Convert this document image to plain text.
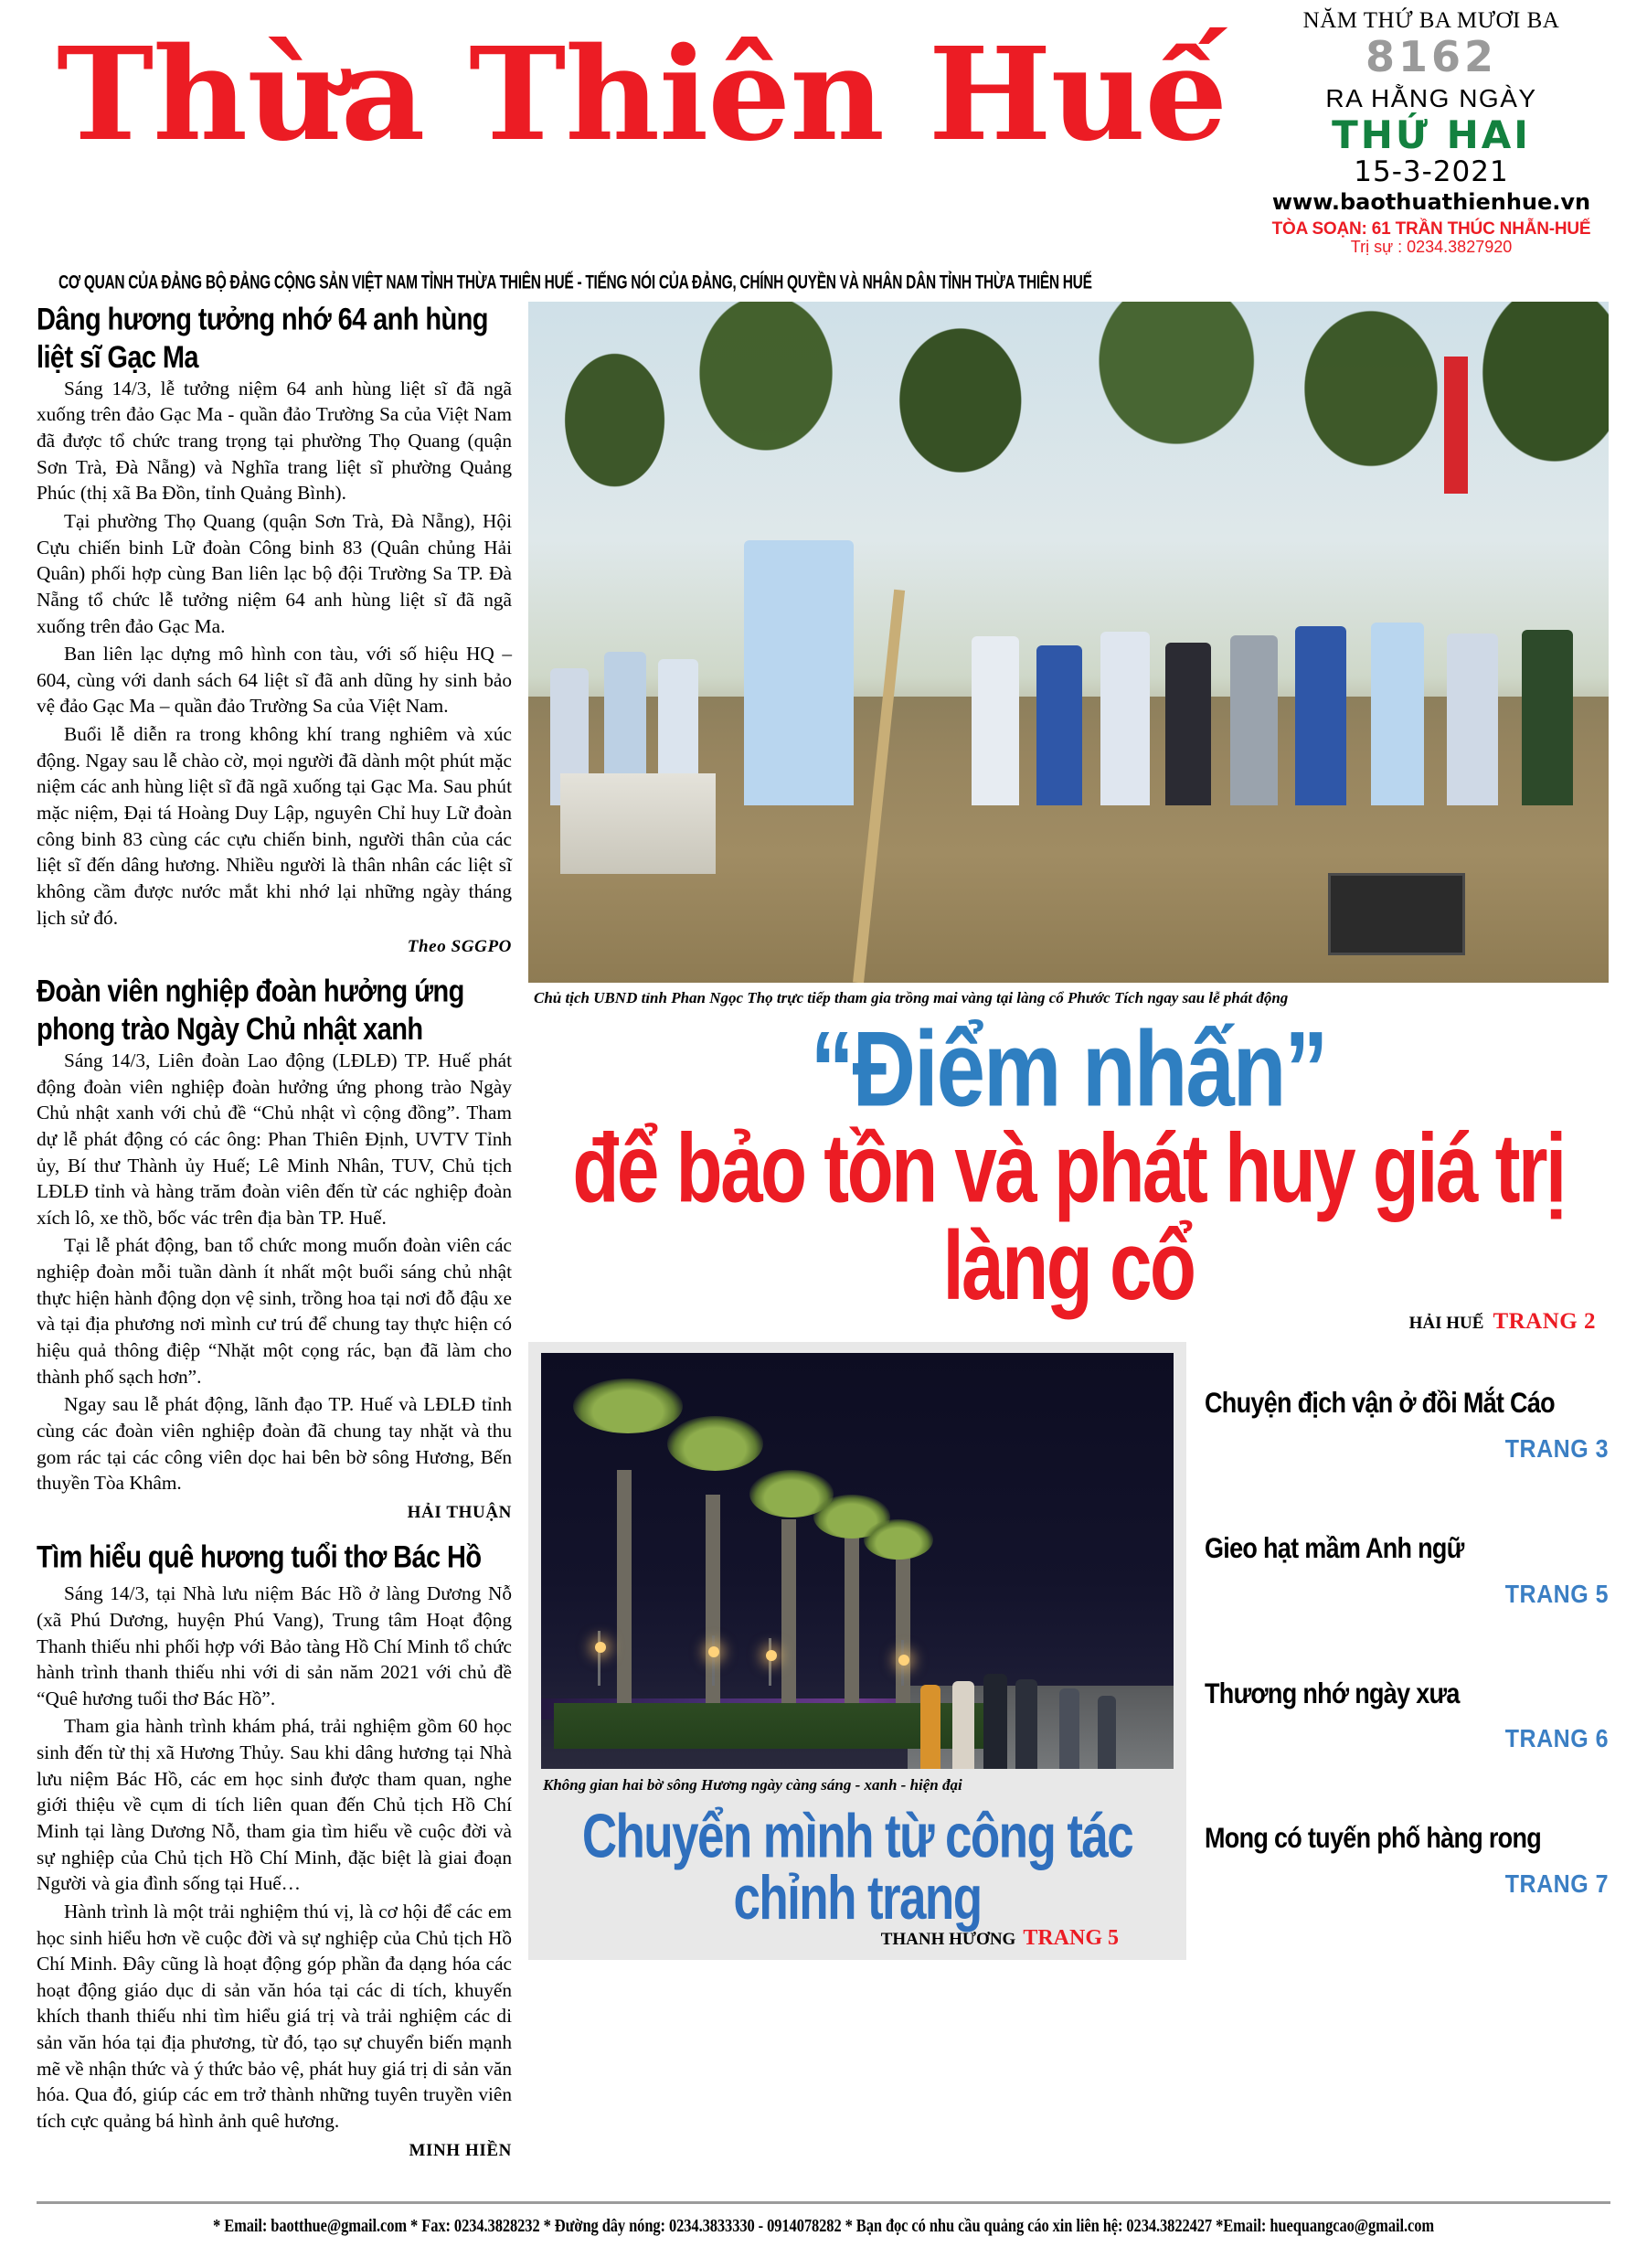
Thừa Thiên Huế	NĂM THỨ BA MƯƠI BA
8162
RA HẰNG NGÀY
THỨ HAI
15-3-2021
www.baothuathienhue.vn
TÒA SOẠN: 61 TRẦN THÚC NHẪN-HUẾ
Trị sự : 0234.3827920
CƠ QUAN CỦA ĐẢNG BỘ ĐẢNG CỘNG SẢN VIỆT NAM TỈNH THỪA THIÊN HUẾ - TIẾNG NÓI CỦA ĐẢNG, CHÍNH QUYỀN VÀ NHÂN DÂN TỈNH THỪA THIÊN HUẾ
Dâng hương tưởng nhớ 64 anh hùng liệt sĩ Gạc Ma

Sáng 14/3, lễ tưởng niệm 64 anh hùng liệt sĩ đã ngã xuống trên đảo Gạc Ma - quần đảo Trường Sa của Việt Nam đã được tổ chức trang trọng tại phường Thọ Quang (quận Sơn Trà, Đà Nẵng) và Nghĩa trang liệt sĩ phường Quảng Phúc (thị xã Ba Đồn, tỉnh Quảng Bình).

Tại phường Thọ Quang (quận Sơn Trà, Đà Nẵng), Hội Cựu chiến binh Lữ đoàn Công binh 83 (Quân chủng Hải Quân) phối hợp cùng Ban liên lạc bộ đội Trường Sa TP. Đà Nẵng tổ chức lễ tưởng niệm 64 anh hùng liệt sĩ đã ngã xuống trên đảo Gạc Ma.

Ban liên lạc dựng mô hình con tàu, với số hiệu HQ – 604, cùng với danh sách 64 liệt sĩ đã anh dũng hy sinh bảo vệ đảo Gạc Ma – quần đảo Trường Sa của Việt Nam.

Buổi lễ diễn ra trong không khí trang nghiêm và xúc động. Ngay sau lễ chào cờ, mọi người đã dành một phút mặc niệm các anh hùng liệt sĩ đã ngã xuống tại Gạc Ma. Sau phút mặc niệm, Đại tá Hoàng Duy Lập, nguyên Chỉ huy Lữ đoàn công binh 83 cùng các cựu chiến binh, người thân của các liệt sĩ đến dâng hương. Nhiều người là thân nhân các liệt sĩ không cầm được nước mắt khi nhớ lại những ngày tháng lịch sử đó.

Theo SGGPO
Đoàn viên nghiệp đoàn hưởng ứng phong trào Ngày Chủ nhật xanh

Sáng 14/3, Liên đoàn Lao động (LĐLĐ) TP. Huế phát động đoàn viên nghiệp đoàn hưởng ứng phong trào Ngày Chủ nhật xanh với chủ đề “Chủ nhật vì cộng đồng”. Tham dự lễ phát động có các ông: Phan Thiên Định, UVTV Tỉnh ủy, Bí thư Thành ủy Huế; Lê Minh Nhân, TUV, Chủ tịch LĐLĐ tỉnh và hàng trăm đoàn viên đến từ các nghiệp đoàn xích lô, xe thồ, bốc vác trên địa bàn TP. Huế.

Tại lễ phát động, ban tổ chức mong muốn đoàn viên các nghiệp đoàn mỗi tuần dành ít nhất một buổi sáng chủ nhật thực hiện hành động dọn vệ sinh, trồng hoa tại nơi đỗ đậu xe và tại địa phương nơi mình cư trú để chung tay thực hiện có hiệu quả thông điệp “Nhặt một cọng rác, bạn đã làm cho thành phố sạch hơn”.

Ngay sau lễ phát động, lãnh đạo TP. Huế và LĐLĐ tỉnh cùng các đoàn viên nghiệp đoàn đã chung tay nhặt và thu gom rác tại các công viên dọc hai bên bờ sông Hương, Bến thuyền Tòa Khâm.

HẢI THUẬN
Tìm hiểu quê hương tuổi thơ Bác Hồ

Sáng 14/3, tại Nhà lưu niệm Bác Hồ ở làng Dương Nỗ (xã Phú Dương, huyện Phú Vang), Trung tâm Hoạt động Thanh thiếu nhi phối hợp với Bảo tàng Hồ Chí Minh tổ chức hành trình thanh thiếu nhi với di sản năm 2021 với chủ đề “Quê hương tuổi thơ Bác Hồ”.

Tham gia hành trình khám phá, trải nghiệm gồm 60 học sinh đến từ thị xã Hương Thủy. Sau khi dâng hương tại Nhà lưu niệm Bác Hồ, các em học sinh được tham quan, nghe giới thiệu về cụm di tích liên quan đến Chủ tịch Hồ Chí Minh tại làng Dương Nỗ, tham gia tìm hiểu về cuộc đời và sự nghiệp của Chủ tịch Hồ Chí Minh, đặc biệt là giai đoạn Người và gia đình sống tại Huế…

Hành trình là một trải nghiệm thú vị, là cơ hội để các em học sinh hiểu hơn về cuộc đời và sự nghiệp của Chủ tịch Hồ Chí Minh. Đây cũng là hoạt động góp phần đa dạng hóa các hoạt động giáo dục di sản văn hóa tại các di tích, khuyến khích thanh thiếu nhi tìm hiểu giá trị và trải nghiệm các di sản văn hóa tại địa phương, từ đó, tạo sự chuyển biến mạnh mẽ về nhận thức và ý thức bảo vệ, phát huy giá trị di sản văn hóa. Qua đó, giúp các em trở thành những tuyên truyền viên tích cực quảng bá hình ảnh quê hương.

MINH HIỀN
Chủ tịch UBND tỉnh Phan Ngọc Thọ trực tiếp tham gia trồng mai vàng tại làng cổ Phước Tích ngay sau lễ phát động
“Điểm nhấn”
để bảo tồn và phát huy giá trị làng cổ
HẢI HUẾ TRANG 2
Không gian hai bờ sông Hương ngày càng sáng - xanh - hiện đại
Chuyển mình từ công tác chỉnh trang
THANH HƯƠNG TRANG 5
Chuyện địch vận ở đồi Mắt Cáo
TRANG 3
Gieo hạt mầm Anh ngữ
TRANG 5
Thương nhớ ngày xưa
TRANG 6
Mong có tuyến phố hàng rong
TRANG 7
* Email: baotthue@gmail.com * Fax: 0234.3828232 * Đường dây nóng: 0234.3833330 - 0914078282 * Bạn đọc có nhu cầu quảng cáo xin liên hệ: 0234.3822427 *Email: huequangcao@gmail.com
